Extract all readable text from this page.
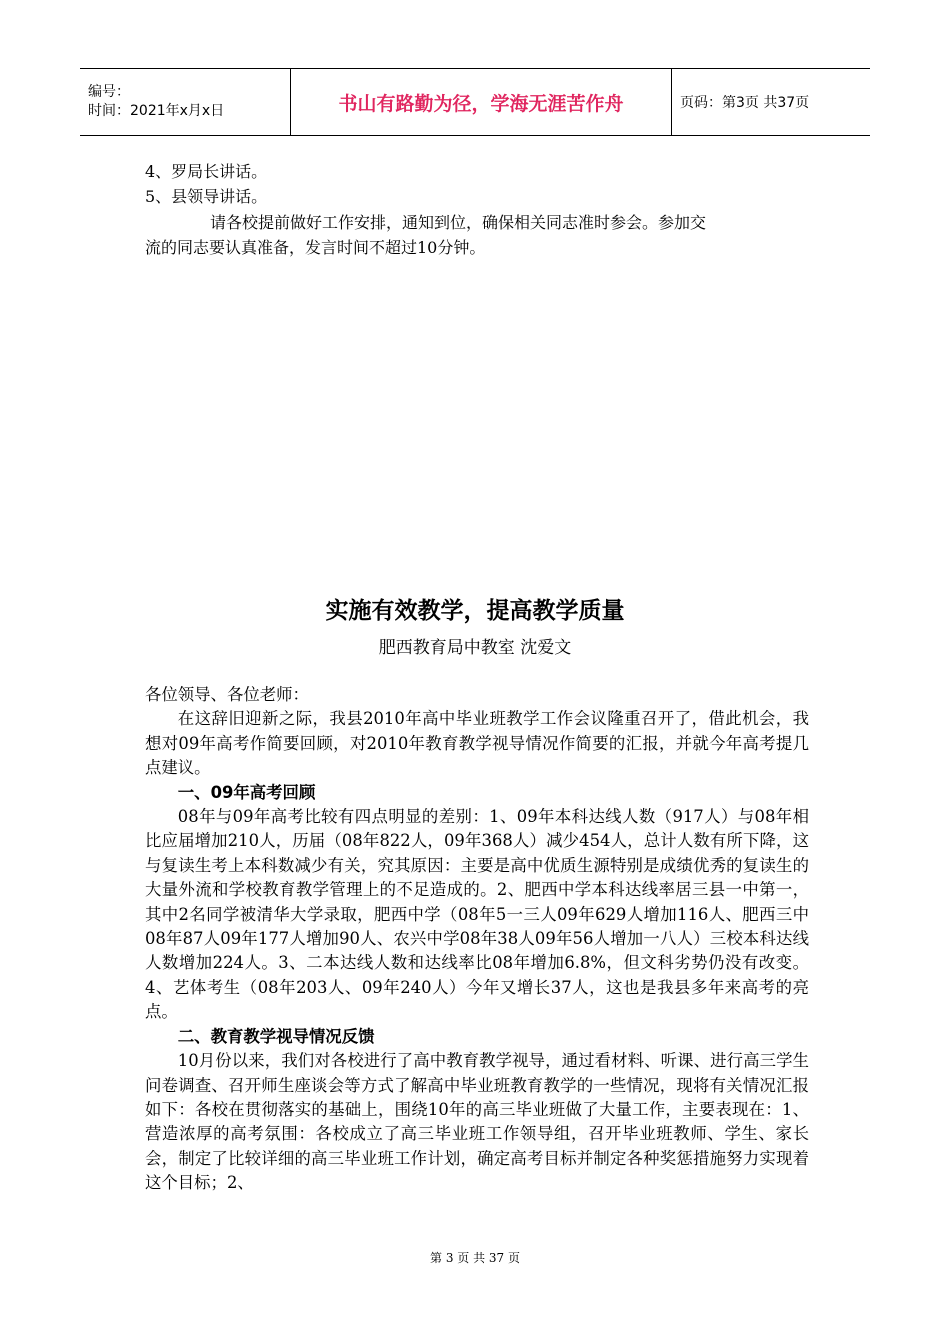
编号：
时间：2021年x月x日	书山有路勤为径，学海无涯苦作舟	页码：第3页 共37页
4、罗局长讲话。
5、县领导讲话。
请各校提前做好工作安排，通知到位，确保相关同志准时参会。参加交
流的同志要认真准备，发言时间不超过10分钟。
实施有效教学，提高教学质量
肥西教育局中教室 沈爱文

各位领导、各位老师：

在这辞旧迎新之际，我县2010年高中毕业班教学工作会议隆重召开了，借此机会，我想对09年高考作简要回顾，对2010年教育教学视导情况作简要的汇报，并就今年高考提几点建议。

一、09年高考回顾

08年与09年高考比较有四点明显的差别：1、09年本科达线人数（917人）与08年相比应届增加210人，历届（08年822人，09年368人）减少454人，总计人数有所下降，这与复读生考上本科数减少有关，究其原因：主要是高中优质生源特别是成绩优秀的复读生的大量外流和学校教育教学管理上的不足造成的。2、肥西中学本科达线率居三县一中第一，其中2名同学被清华大学录取，肥西中学（08年5一三人09年629人增加116人、肥西三中08年87人09年177人增加90人、农兴中学08年38人09年56人增加一八人）三校本科达线人数增加224人。3、二本达线人数和达线率比08年增加6.8%，但文科劣势仍没有改变。4、艺体考生（08年203人、09年240人）今年又增长37人，这也是我县多年来高考的亮点。

二、教育教学视导情况反馈

10月份以来，我们对各校进行了高中教育教学视导，通过看材料、听课、进行高三学生问卷调查、召开师生座谈会等方式了解高中毕业班教育教学的一些情况，现将有关情况汇报如下：各校在贯彻落实的基础上，围绕10年的高三毕业班做了大量工作，主要表现在：1、营造浓厚的高考氛围：各校成立了高三毕业班工作领导组，召开毕业班教师、学生、家长会，制定了比较详细的高三毕业班工作计划，确定高考目标并制定各种奖惩措施努力实现着这个目标；2、

第 3 页 共 37 页
